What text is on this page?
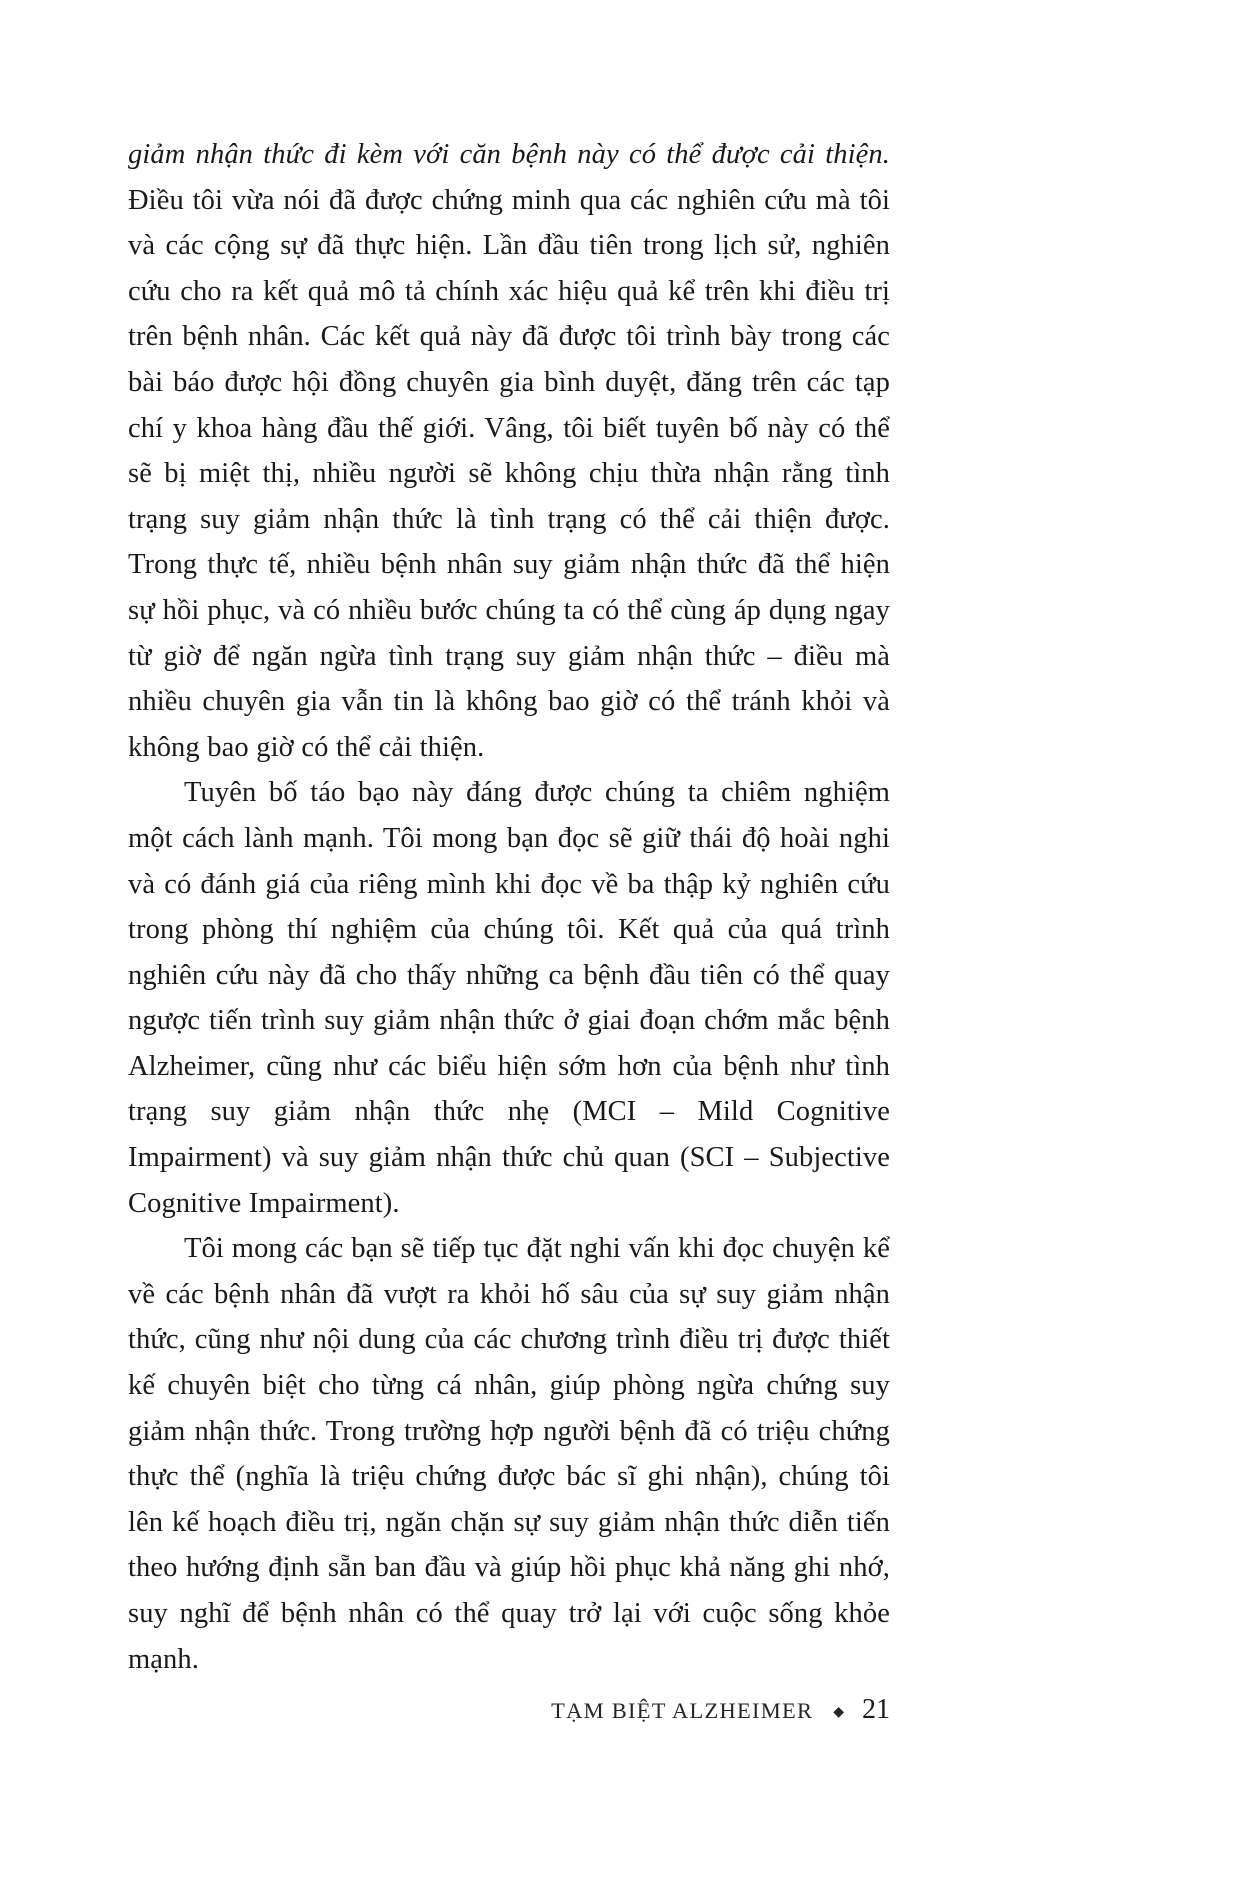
giảm nhận thức đi kèm với căn bệnh này có thể được cải thiện. Điều tôi vừa nói đã được chứng minh qua các nghiên cứu mà tôi và các cộng sự đã thực hiện. Lần đầu tiên trong lịch sử, nghiên cứu cho ra kết quả mô tả chính xác hiệu quả kể trên khi điều trị trên bệnh nhân. Các kết quả này đã được tôi trình bày trong các bài báo được hội đồng chuyên gia bình duyệt, đăng trên các tạp chí y khoa hàng đầu thế giới. Vâng, tôi biết tuyên bố này có thể sẽ bị miệt thị, nhiều người sẽ không chịu thừa nhận rằng tình trạng suy giảm nhận thức là tình trạng có thể cải thiện được. Trong thực tế, nhiều bệnh nhân suy giảm nhận thức đã thể hiện sự hồi phục, và có nhiều bước chúng ta có thể cùng áp dụng ngay từ giờ để ngăn ngừa tình trạng suy giảm nhận thức – điều mà nhiều chuyên gia vẫn tin là không bao giờ có thể tránh khỏi và không bao giờ có thể cải thiện.

Tuyên bố táo bạo này đáng được chúng ta chiêm nghiệm một cách lành mạnh. Tôi mong bạn đọc sẽ giữ thái độ hoài nghi và có đánh giá của riêng mình khi đọc về ba thập kỷ nghiên cứu trong phòng thí nghiệm của chúng tôi. Kết quả của quá trình nghiên cứu này đã cho thấy những ca bệnh đầu tiên có thể quay ngược tiến trình suy giảm nhận thức ở giai đoạn chớm mắc bệnh Alzheimer, cũng như các biểu hiện sớm hơn của bệnh như tình trạng suy giảm nhận thức nhẹ (MCI – Mild Cognitive Impairment) và suy giảm nhận thức chủ quan (SCI – Subjective Cognitive Impairment).

Tôi mong các bạn sẽ tiếp tục đặt nghi vấn khi đọc chuyện kể về các bệnh nhân đã vượt ra khỏi hố sâu của sự suy giảm nhận thức, cũng như nội dung của các chương trình điều trị được thiết kế chuyên biệt cho từng cá nhân, giúp phòng ngừa chứng suy giảm nhận thức. Trong trường hợp người bệnh đã có triệu chứng thực thể (nghĩa là triệu chứng được bác sĩ ghi nhận), chúng tôi lên kế hoạch điều trị, ngăn chặn sự suy giảm nhận thức diễn tiến theo hướng định sẵn ban đầu và giúp hồi phục khả năng ghi nhớ, suy nghĩ để bệnh nhân có thể quay trở lại với cuộc sống khỏe mạnh.

TẠM BIỆT ALZHEIMER ◆ 21
